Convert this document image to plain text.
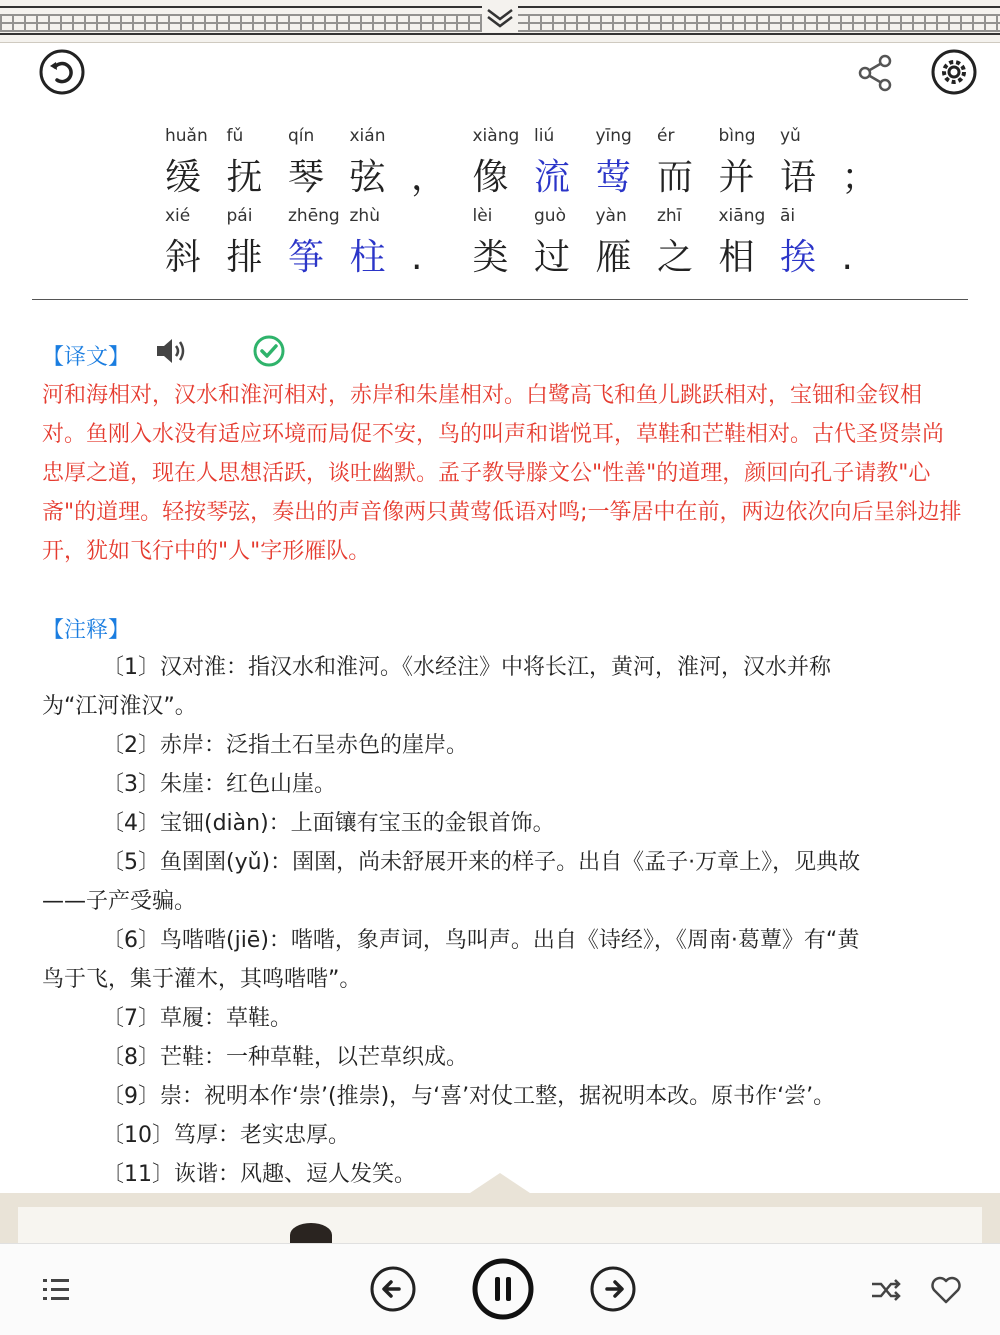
huǎn
缓
fǔ
抚
qín
琴
xián
弦 ，
xiàng
像
liú
流
yīng
莺
ér
而
bìng
并
yǔ
语 ；
xié
斜
pái
排
zhēng
筝
zhù
柱 .
lèi
类
guò
过
yàn
雁
zhī
之
xiāng
相
āi
挨 .
【译文】
河和海相对，汉水和淮河相对，赤岸和朱崖相对。白鹭高飞和鱼儿跳跃相对，宝钿和金钗相对。鱼刚入水没有适应环境而局促不安，鸟的叫声和谐悦耳，草鞋和芒鞋相对。古代圣贤崇尚忠厚之道，现在人思想活跃，谈吐幽默。孟子教导滕文公"性善"的道理，颜回向孔子请教"心斋"的道理。轻按琴弦，奏出的声音像两只黄莺低语对鸣;一筝居中在前，两边依次向后呈斜边排开，犹如飞行中的"人"字形雁队。
【注释】
〔1〕汉对淮：指汉水和淮河。《水经注》中将长江，黄河，淮河，汉水并称
为“江河淮汉”。
〔2〕赤岸：泛指土石呈赤色的崖岸。
〔3〕朱崖：红色山崖。
〔4〕宝钿(diàn)：上面镶有宝玉的金银首饰。
〔5〕鱼圉圉(yǔ)：圉圉，尚未舒展开来的样子。出自《孟子·万章上》，见典故
——子产受骗。
〔6〕鸟喈喈(jiē)：喈喈，象声词，鸟叫声。出自《诗经》，《周南·葛蕈》有“黄
鸟于飞，集于灌木，其鸣喈喈”。
〔7〕草履：草鞋。
〔8〕芒鞋：一种草鞋，以芒草织成。
〔9〕崇：祝明本作‘崇’(推崇)，与‘喜’对仗工整，据祝明本改。原书作‘尝’。
〔10〕笃厚：老实忠厚。
〔11〕诙谐：风趣、逗人发笑。
